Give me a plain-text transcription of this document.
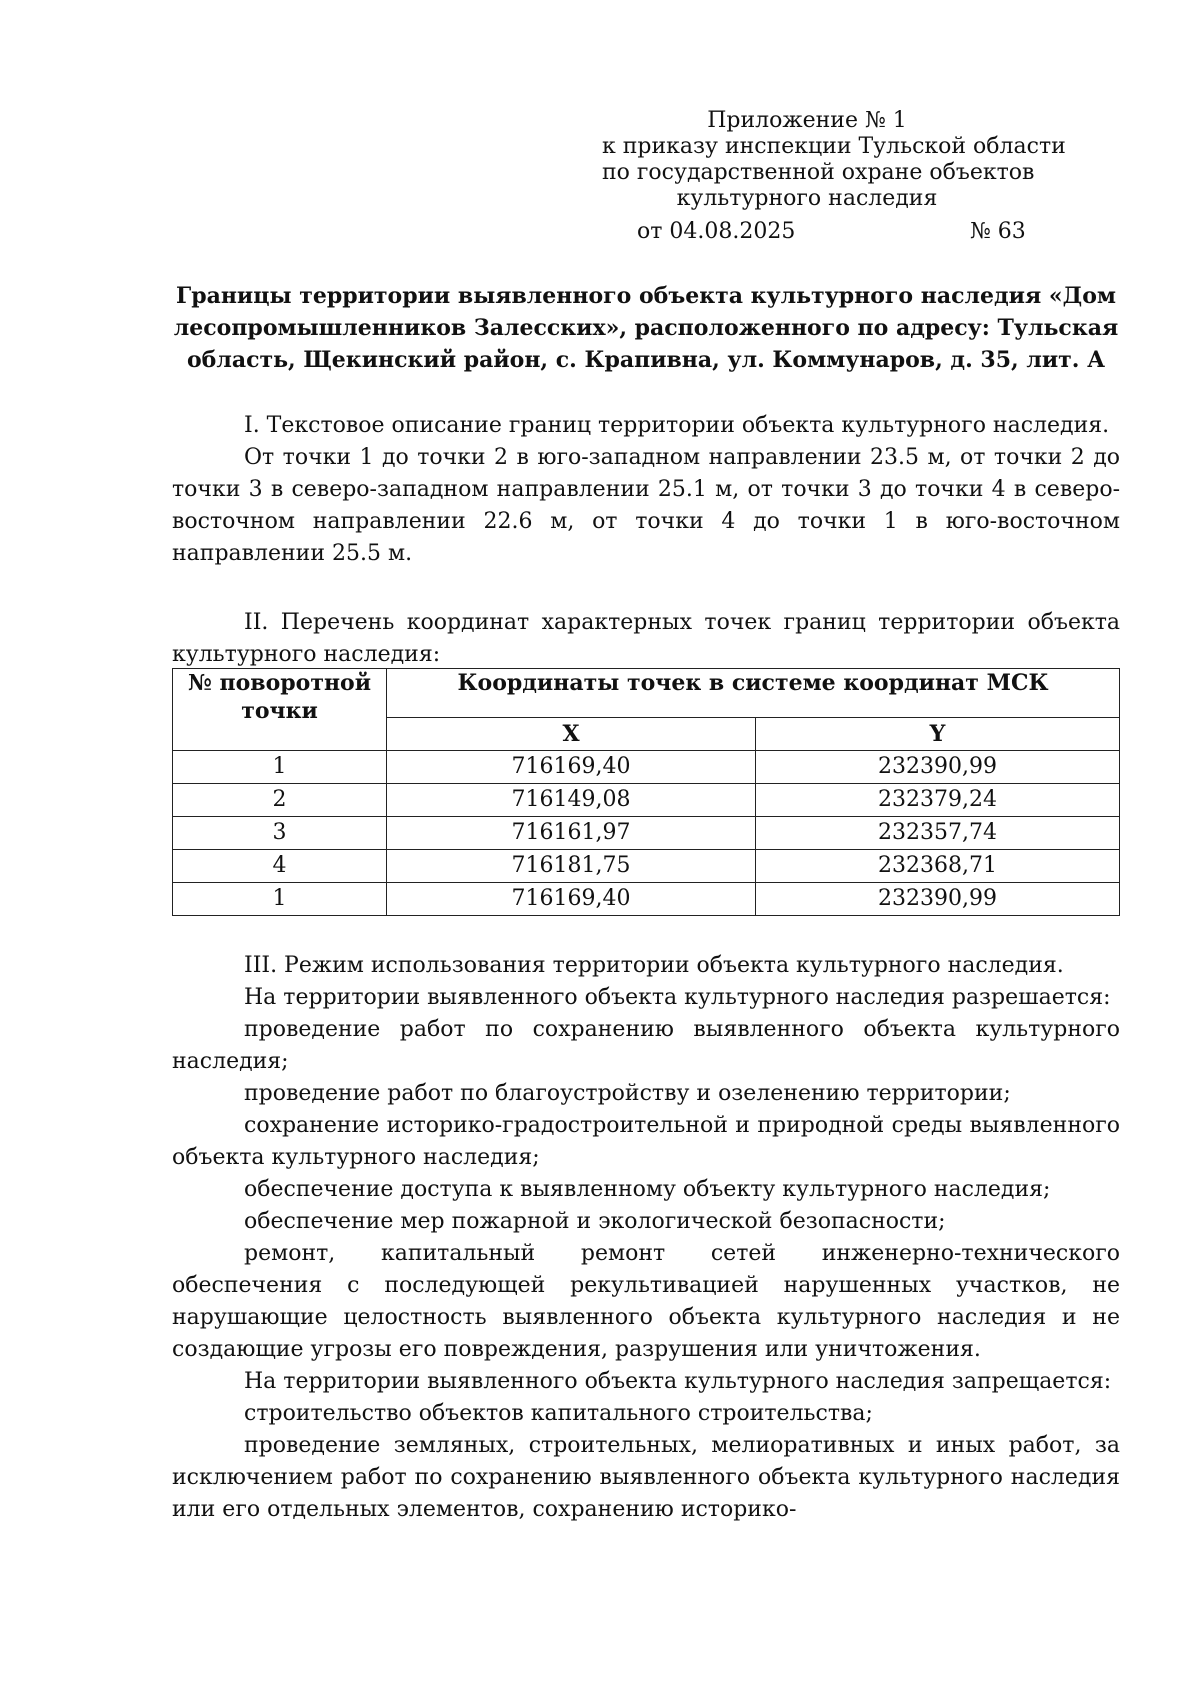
Приложение № 1
к приказу инспекции Тульской области
по государственной охране объектов
культурного наследия
от 04.08.2025	№ 63
Границы территории выявленного объекта культурного наследия «Дом
лесопромышленников Залесских», расположенного по адресу: Тульская
область, Щекинский район, с. Крапивна, ул. Коммунаров, д. 35, лит. А

I. Текстовое описание границ территории объекта культурного наследия.

От точки 1 до точки 2 в юго-западном направлении 23.5 м, от точки 2 до точки 3 в северо-западном направлении 25.1 м, от точки 3 до точки 4 в северо-восточном направлении 22.6 м, от точки 4 до точки 1 в юго-восточном направлении 25.5 м.

II. Перечень координат характерных точек границ территории объекта культурного наследия:

№ поворотной точки	Координаты точек в системе координат МСК	
	X	Y
1	716169,40	232390,99
2	716149,08	232379,24
3	716161,97	232357,74
4	716181,75	232368,71
1	716169,40	232390,99

III. Режим использования территории объекта культурного наследия.

На территории выявленного объекта культурного наследия разрешается:

проведение работ по сохранению выявленного объекта культурного наследия;

проведение работ по благоустройству и озеленению территории;

сохранение историко-градостроительной и природной среды выявленного объекта культурного наследия;

обеспечение доступа к выявленному объекту культурного наследия;

обеспечение мер пожарной и экологической безопасности;

ремонт, капитальный ремонт сетей инженерно-технического обеспечения с последующей рекультивацией нарушенных участков, не нарушающие целостность выявленного объекта культурного наследия и не создающие угрозы его повреждения, разрушения или уничтожения.

На территории выявленного объекта культурного наследия запрещается:

строительство объектов капитального строительства;

проведение земляных, строительных, мелиоративных и иных работ, за исключением работ по сохранению выявленного объекта культурного наследия или его отдельных элементов, сохранению историко-
